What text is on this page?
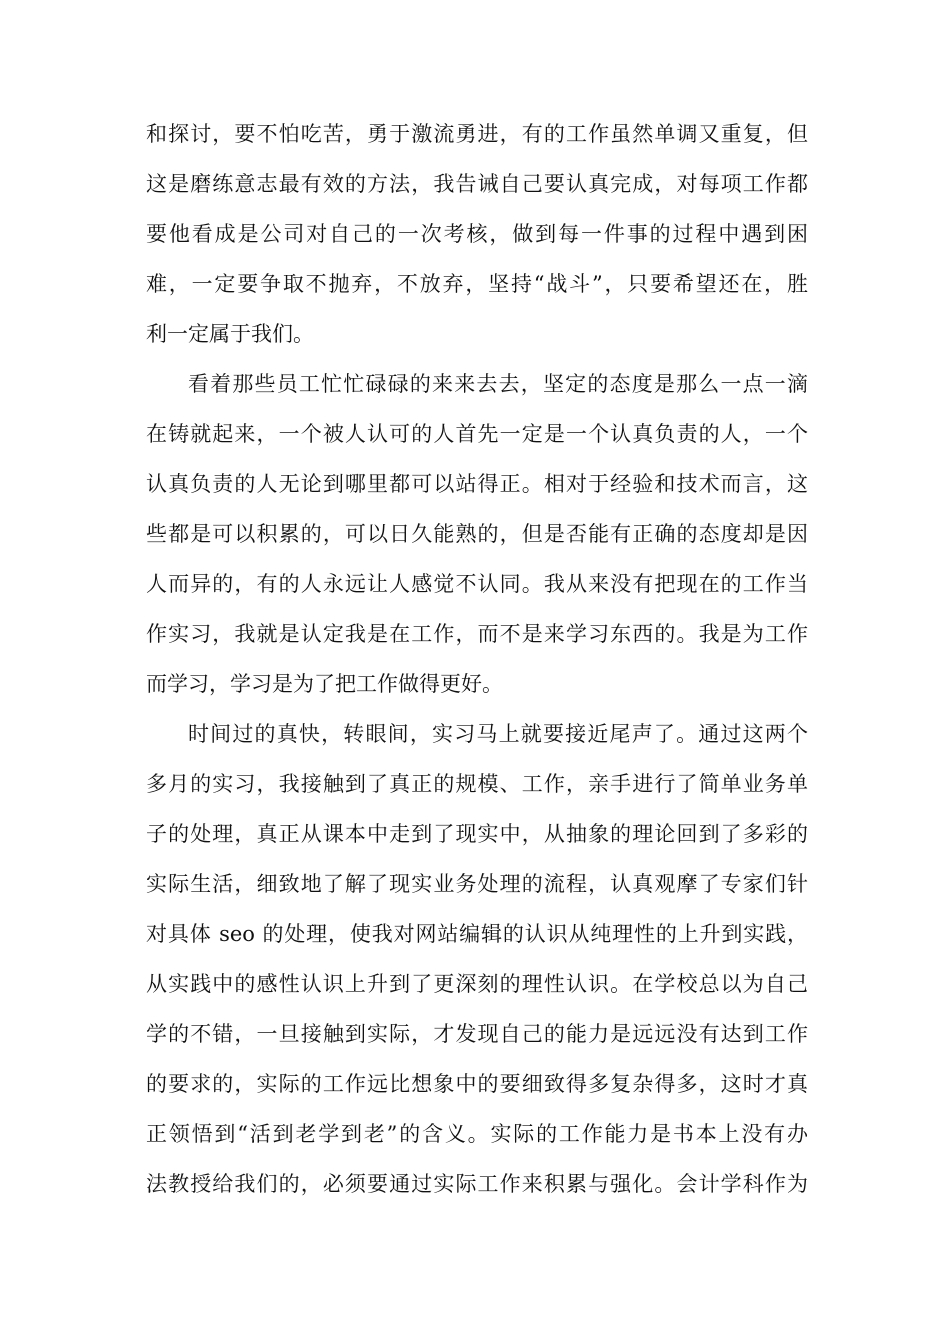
和探讨，要不怕吃苦，勇于激流勇进，有的工作虽然单调又重复，但
这是磨练意志最有效的方法，我告诫自己要认真完成，对每项工作都
要他看成是公司对自己的一次考核，做到每一件事的过程中遇到困
难，一定要争取不抛弃，不放弃，坚持“战斗”，只要希望还在，胜
利一定属于我们。
看着那些员工忙忙碌碌的来来去去，坚定的态度是那么一点一滴
在铸就起来，一个被人认可的人首先一定是一个认真负责的人，一个
认真负责的人无论到哪里都可以站得正。相对于经验和技术而言，这
些都是可以积累的，可以日久能熟的，但是否能有正确的态度却是因
人而异的，有的人永远让人感觉不认同。我从来没有把现在的工作当
作实习，我就是认定我是在工作，而不是来学习东西的。我是为工作
而学习，学习是为了把工作做得更好。
时间过的真快，转眼间，实习马上就要接近尾声了。通过这两个
多月的实习，我接触到了真正的规模、工作，亲手进行了简单业务单
子的处理，真正从课本中走到了现实中，从抽象的理论回到了多彩的
实际生活，细致地了解了现实业务处理的流程，认真观摩了专家们针
对具体 seo 的处理，使我对网站编辑的认识从纯理性的上升到实践，
从实践中的感性认识上升到了更深刻的理性认识。在学校总以为自己
学的不错，一旦接触到实际，才发现自己的能力是远远没有达到工作
的要求的，实际的工作远比想象中的要细致得多复杂得多，这时才真
正领悟到“活到老学到老”的含义。实际的工作能力是书本上没有办
法教授给我们的，必须要通过实际工作来积累与强化。会计学科作为
